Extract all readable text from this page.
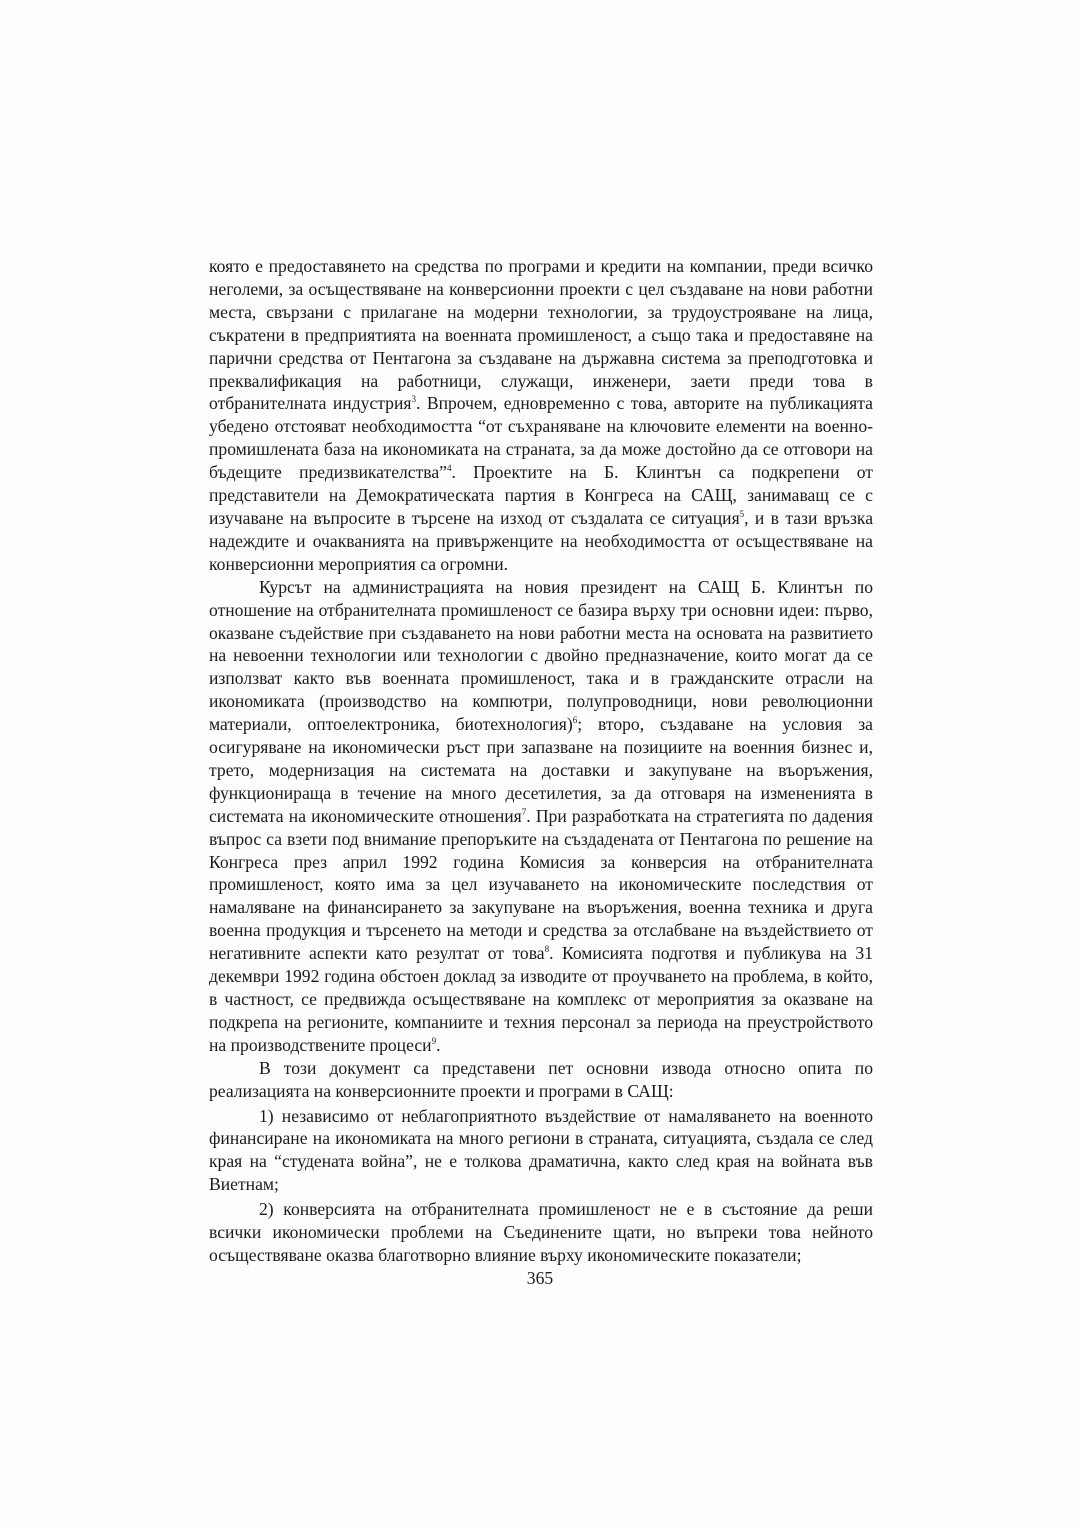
която е предоставянето на средства по програми и кредити на компании, преди всичко неголеми, за осъществяване на конверсионни проекти с цел създаване на нови работни места, свързани с прилагане на модерни технологии, за трудоустрояване на лица, съкратени в предприятията на военната промишленост, а също така и предоставяне на парични средства от Пентагона за създаване на държавна система за преподготовка и преквалификация на работници, служащи, инженери, заети преди това в отбранителната индустрия$^3$. Впрочем, едновременно с това, авторите на публикацията убедено отстояват необходимостта “от съхраняване на ключовите елементи на военно-промишлената база на икономиката на страната, за да може достойно да се отговори на бъдещите предизвикателства”$^4$. Проектите на Б. Клинтън са подкрепени от представители на Демократическата партия в Конгреса на САЩ, занимаващ се с изучаване на въпросите в търсене на изход от създалата се ситуация$^5$, и в тази връзка надеждите и очакванията на привърженците на необходимостта от осъществяване на конверсионни мероприятия са огромни.

Курсът на администрацията на новия президент на САЩ Б. Клинтън по отношение на отбранителната промишленост се базира върху три основни идеи: първо, оказване съдействие при създаването на нови работни места на основата на развитието на невоенни технологии или технологии с двойно предназначение, които могат да се използват както във военната промишленост, така и в гражданските отрасли на икономиката (производство на компютри, полупроводници, нови революционни материали, оптоелектроника, биотехнология)$^6$; второ, създаване на условия за осигуряване на икономически ръст при запазване на позициите на военния бизнес и, трето, модернизация на системата на доставки и закупуване на въоръжения, функционираща в течение на много десетилетия, за да отговаря на измененията в системата на икономическите отношения$^7$. При разработката на стратегията по дадения въпрос са взети под внимание препоръките на създадената от Пентагона по решение на Конгреса през април 1992 година Комисия за конверсия на отбранителната промишленост, която има за цел изучаването на икономическите последствия от намаляване на финансирането за закупуване на въоръжения, военна техника и друга военна продукция и търсенето на методи и средства за отслабване на въздействието от негативните аспекти като резултат от това$^8$. Комисията подготвя и публикува на 31 декември 1992 година обстоен доклад за изводите от проучването на проблема, в който, в частност, се предвижда осъществяване на комплекс от мероприятия за оказване на подкрепа на регионите, компаниите и техния персонал за периода на преустройството на производствените процеси$^9$.

В този документ са представени пет основни извода относно опита по реализацията на конверсионните проекти и програми в САЩ:

1) независимо от неблагоприятното въздействие от намаляването на военното финансиране на икономиката на много региони в страната, ситуацията, създала се след края на “студената война”, не е толкова драматична, както след края на войната във Виетнам;

2) конверсията на отбранителната промишленост не е в състояние да реши всички икономически проблеми на Съединените щати, но въпреки това нейното осъществяване оказва благотворно влияние върху икономическите показатели;

365
